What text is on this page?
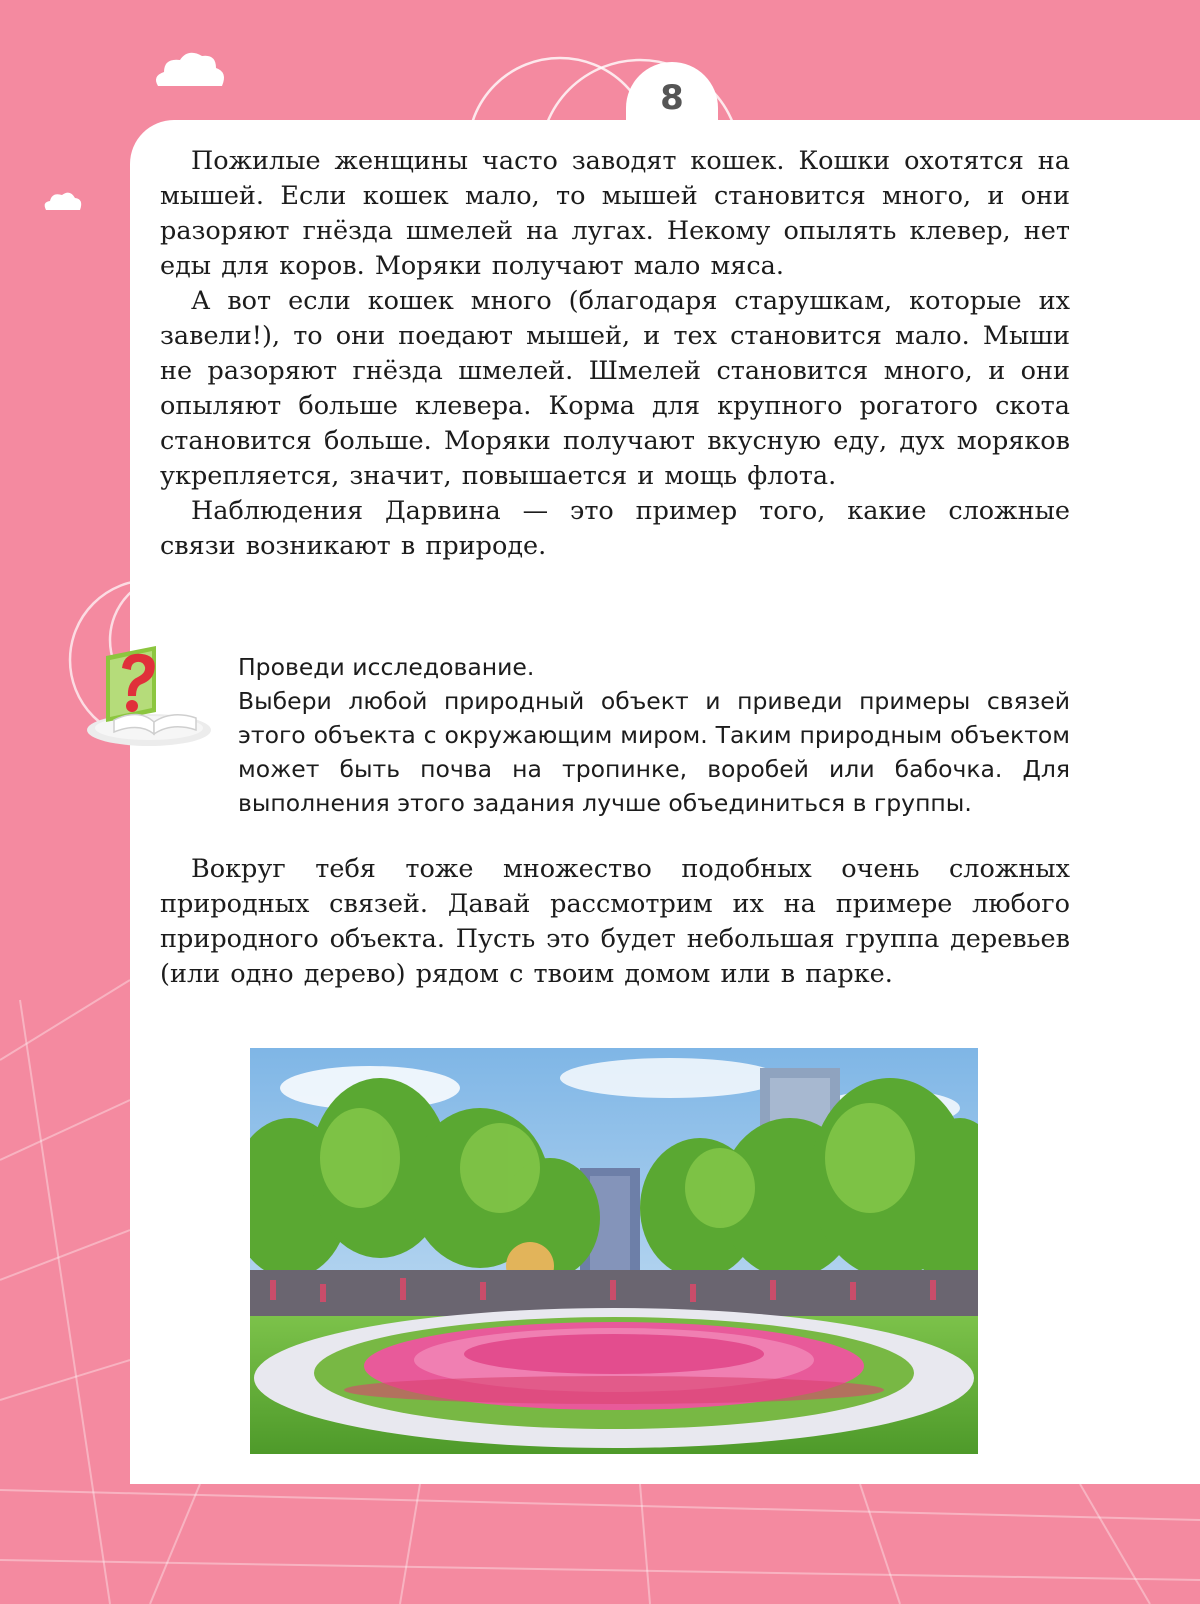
8

Пожилые женщины часто заводят кошек. Кошки охотятся на мышей. Если кошек мало, то мышей становится много, и они разоряют гнёзда шмелей на лугах. Некому опылять клевер, нет еды для коров. Моряки получают мало мяса.

А вот если кошек много (благодаря старушкам, которые их завели!), то они поедают мышей, и тех становится мало. Мыши не разоряют гнёзда шмелей. Шмелей становится много, и они опыляют больше клевера. Корма для крупного рогатого скота становится больше. Моряки получают вкусную еду, дух моряков укрепляется, значит, повышается и мощь флота.

Наблюдения Дарвина — это пример того, какие сложные связи возникают в природе.

Проведи исследование.

Выбери любой природный объект и приведи примеры связей этого объекта с окружающим миром. Таким природным объектом может быть почва на тропинке, воробей или бабочка. Для выполнения этого задания лучше объединиться в группы.

Вокруг тебя тоже множество подобных очень сложных природных связей. Давай рассмотрим их на примере любого природного объекта. Пусть это будет небольшая группа деревьев (или одно дерево) рядом с твоим домом или в парке.
